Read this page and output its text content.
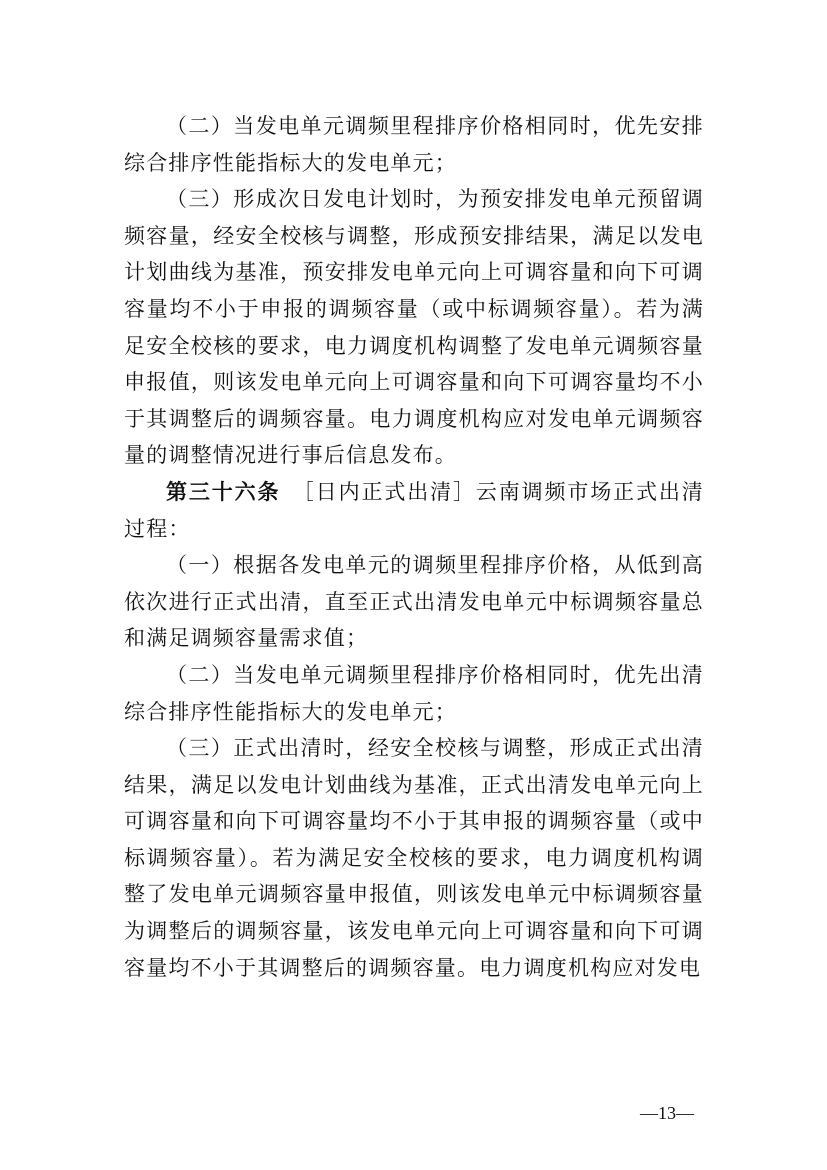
（二）当发电单元调频里程排序价格相同时，优先安排综合排序性能指标大的发电单元；

（三）形成次日发电计划时，为预安排发电单元预留调频容量，经安全校核与调整，形成预安排结果，满足以发电计划曲线为基准，预安排发电单元向上可调容量和向下可调容量均不小于申报的调频容量（或中标调频容量）。若为满足安全校核的要求，电力调度机构调整了发电单元调频容量申报值，则该发电单元向上可调容量和向下可调容量均不小于其调整后的调频容量。电力调度机构应对发电单元调频容量的调整情况进行事后信息发布。

第三十六条　［日内正式出清］云南调频市场正式出清过程：

（一）根据各发电单元的调频里程排序价格，从低到高依次进行正式出清，直至正式出清发电单元中标调频容量总和满足调频容量需求值；

（二）当发电单元调频里程排序价格相同时，优先出清综合排序性能指标大的发电单元；

（三）正式出清时，经安全校核与调整，形成正式出清结果，满足以发电计划曲线为基准，正式出清发电单元向上可调容量和向下可调容量均不小于其申报的调频容量（或中标调频容量）。若为满足安全校核的要求，电力调度机构调整了发电单元调频容量申报值，则该发电单元中标调频容量为调整后的调频容量，该发电单元向上可调容量和向下可调容量均不小于其调整后的调频容量。电力调度机构应对发电

—13—
